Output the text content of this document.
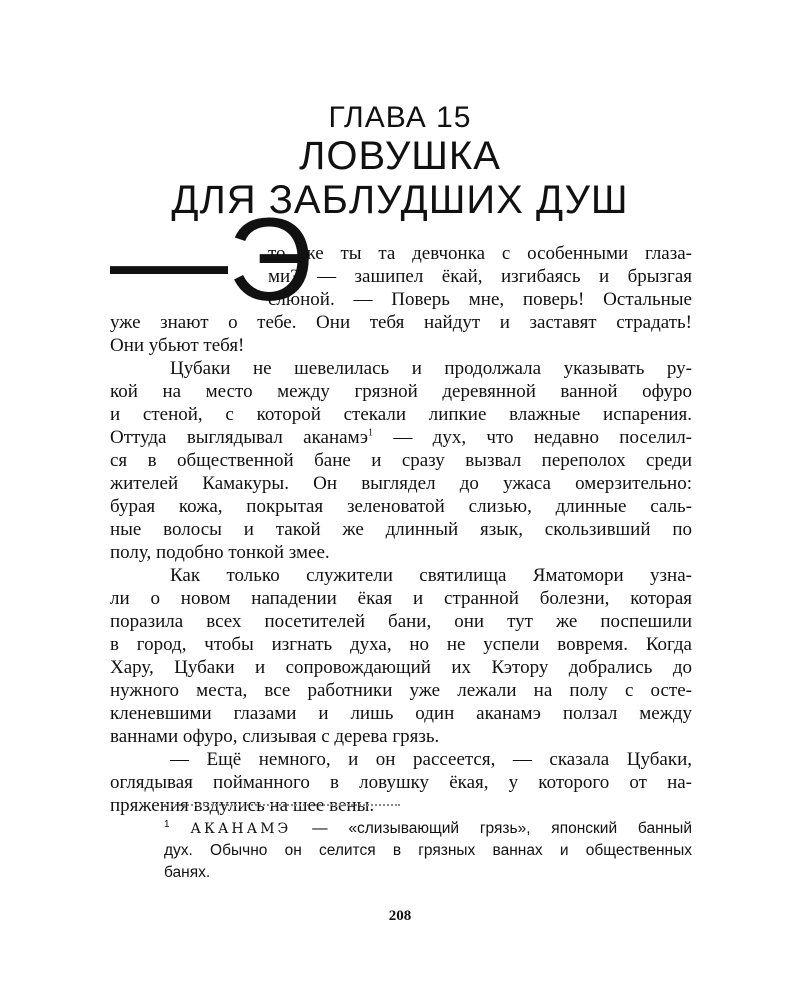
ГЛАВА 15
ЛОВУШКА
ДЛЯ ЗАБЛУДШИХ ДУШ
—Э
то же ты та девчонка с особенными глаза-
ми? — зашипел ёкай, изгибаясь и брызгая
слюной. — Поверь мне, поверь! Остальные
уже знают о тебе. Они тебя найдут и заставят страдать!
Они убьют тебя!
Цубаки не шевелилась и продолжала указывать ру-
кой на место между грязной деревянной ванной офуро
и стеной, с которой стекали липкие влажные испарения.
Оттуда выглядывал аканамэ$^1$ — дух, что недавно поселил-
ся в общественной бане и сразу вызвал переполох среди
жителей Камакуры. Он выглядел до ужаса омерзительно:
бурая кожа, покрытая зеленоватой слизью, длинные саль-
ные волосы и такой же длинный язык, скользивший по
полу, подобно тонкой змее.
Как только служители святилища Яматомори узна-
ли о новом нападении ёкая и странной болезни, которая
поразила всех посетителей бани, они тут же поспешили
в город, чтобы изгнать духа, но не успели вовремя. Когда
Хару, Цубаки и сопровождающий их Кэтору добрались до
нужного места, все работники уже лежали на полу с осте-
кленевшими глазами и лишь один аканамэ ползал между
ваннами офуро, слизывая с дерева грязь.
— Ещё немного, и он рассеется, — сказала Цубаки,
оглядывая пойманного в ловушку ёкая, у которого от на-
пряжения вздулись на шее вены.
$^1$ АКАНАМЭ — «слизывающий грязь», японский банный
дух. Обычно он селится в грязных ваннах и общественных
банях.
208
